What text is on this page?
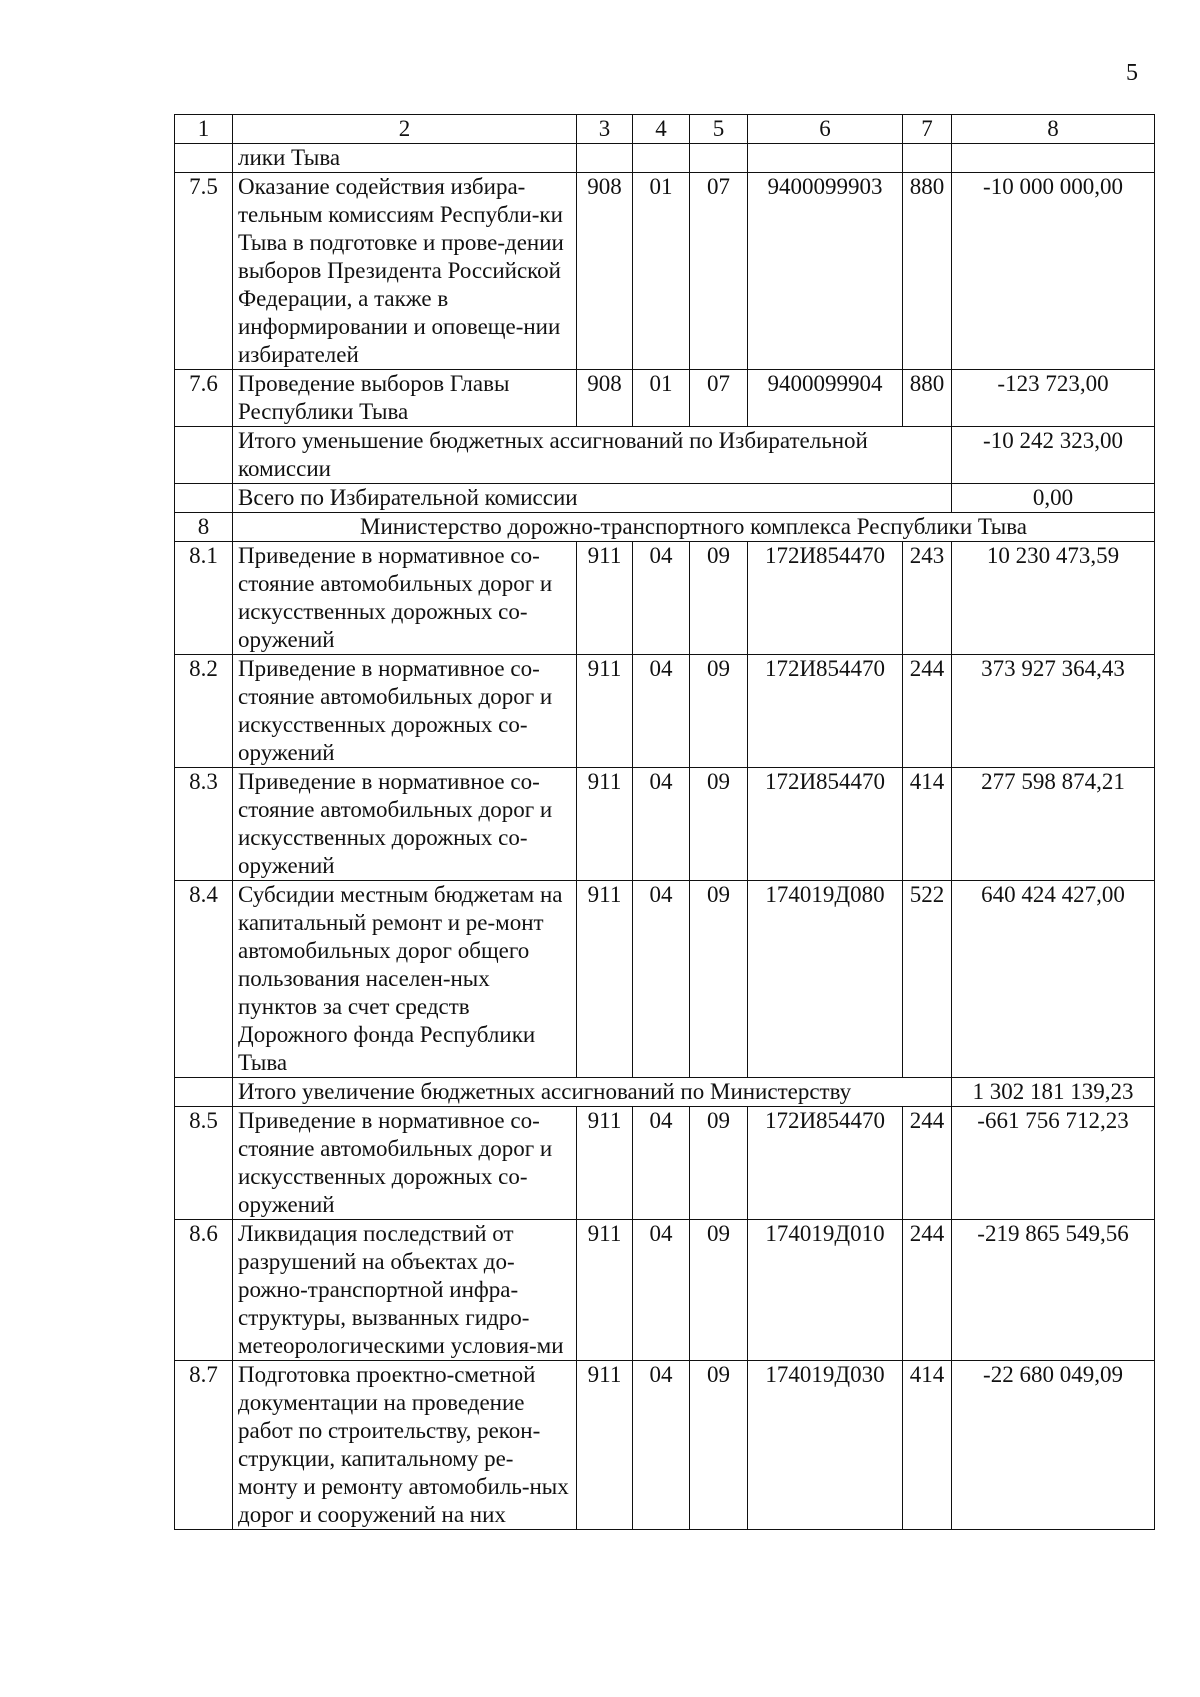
5
1	2	3	4	5	6	7	8
	лики Тыва						
7.5	Оказание содействия избира-тельным комиссиям Республи-ки Тыва в подготовке и прове-дении выборов Президента Российской Федерации, а также в информировании и оповеще-нии избирателей	908	01	07	9400099903	880	-10 000 000,00
7.6	Проведение выборов Главы Республики Тыва	908	01	07	9400099904	880	-123 723,00
	Итого уменьшение бюджетных ассигнований по Избирательной комиссии						-10 242 323,00
	Всего по Избирательной комиссии						0,00
8	Министерство дорожно-транспортного комплекса Республики Тыва						
8.1	Приведение в нормативное со-стояние автомобильных дорог и искусственных дорожных со-оружений	911	04	09	172И854470	243	10 230 473,59
8.2	Приведение в нормативное со-стояние автомобильных дорог и искусственных дорожных со-оружений	911	04	09	172И854470	244	373 927 364,43
8.3	Приведение в нормативное со-стояние автомобильных дорог и искусственных дорожных со-оружений	911	04	09	172И854470	414	277 598 874,21
8.4	Субсидии местным бюджетам на капитальный ремонт и ре-монт автомобильных дорог общего пользования населен-ных пунктов за счет средств Дорожного фонда Республики Тыва	911	04	09	174019Д080	522	640 424 427,00
	Итого увеличение бюджетных ассигнований по Министерству						1 302 181 139,23
8.5	Приведение в нормативное со-стояние автомобильных дорог и искусственных дорожных со-оружений	911	04	09	172И854470	244	-661 756 712,23
8.6	Ликвидация последствий от разрушений на объектах до-рожно-транспортной инфра-структуры, вызванных гидро-метеорологическими условия-ми	911	04	09	174019Д010	244	-219 865 549,56
8.7	Подготовка проектно-сметной документации на проведение работ по строительству, рекон-струкции, капитальному ре-монту и ремонту автомобиль-ных дорог и сооружений на них	911	04	09	174019Д030	414	-22 680 049,09
